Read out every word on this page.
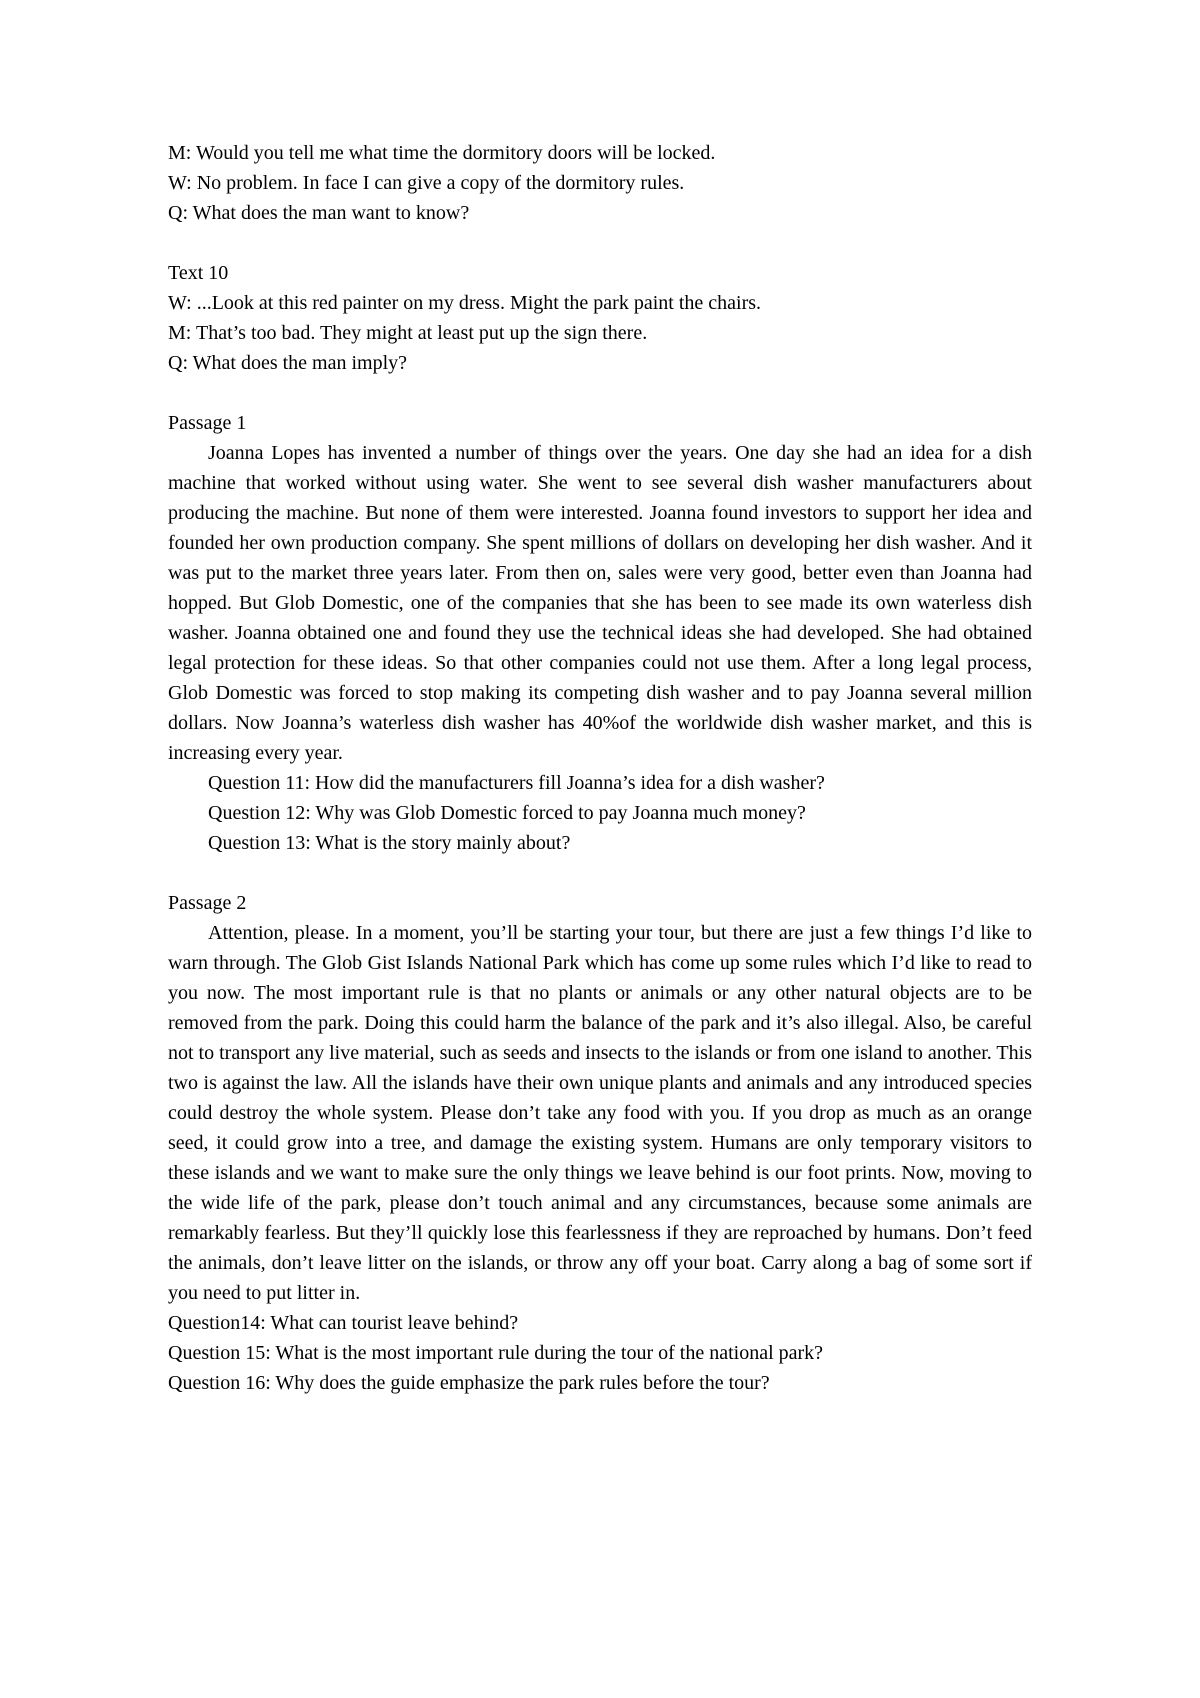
M: Would you tell me what time the dormitory doors will be locked.

W: No problem. In face I can give a copy of the dormitory rules.

Q: What does the man want to know?

Text 10

W: ...Look at this red painter on my dress. Might the park paint the chairs.

M: That’s too bad. They might at least put up the sign there.

Q: What does the man imply?

Passage 1

Joanna Lopes has invented a number of things over the years. One day she had an idea for a dish machine that worked without using water. She went to see several dish washer manufacturers about producing the machine. But none of them were interested. Joanna found investors to support her idea and founded her own production company. She spent millions of dollars on developing her dish washer. And it was put to the market three years later. From then on, sales were very good, better even than Joanna had hopped. But Glob Domestic, one of the companies that she has been to see made its own waterless dish washer. Joanna obtained one and found they use the technical ideas she had developed. She had obtained legal protection for these ideas. So that other companies could not use them. After a long legal process, Glob Domestic was forced to stop making its competing dish washer and to pay Joanna several million dollars. Now Joanna’s waterless dish washer has 40%of the worldwide dish washer market, and this is increasing every year.

Question 11: How did the manufacturers fill Joanna’s idea for a dish washer?

Question 12: Why was Glob Domestic forced to pay Joanna much money?

Question 13: What is the story mainly about?

Passage 2

Attention, please. In a moment, you’ll be starting your tour, but there are just a few things I’d like to warn through. The Glob Gist Islands National Park which has come up some rules which I’d like to read to you now. The most important rule is that no plants or animals or any other natural objects are to be removed from the park. Doing this could harm the balance of the park and it’s also illegal. Also, be careful not to transport any live material, such as seeds and insects to the islands or from one island to another. This two is against the law. All the islands have their own unique plants and animals and any introduced species could destroy the whole system. Please don’t take any food with you. If you drop as much as an orange seed, it could grow into a tree, and damage the existing system. Humans are only temporary visitors to these islands and we want to make sure the only things we leave behind is our foot prints. Now, moving to the wide life of the park, please don’t touch animal and any circumstances, because some animals are remarkably fearless. But they’ll quickly lose this fearlessness if they are reproached by humans. Don’t feed the animals, don’t leave litter on the islands, or throw any off your boat. Carry along a bag of some sort if you need to put litter in.

Question14: What can tourist leave behind?

Question 15: What is the most important rule during the tour of the national park?

Question 16: Why does the guide emphasize the park rules before the tour?
